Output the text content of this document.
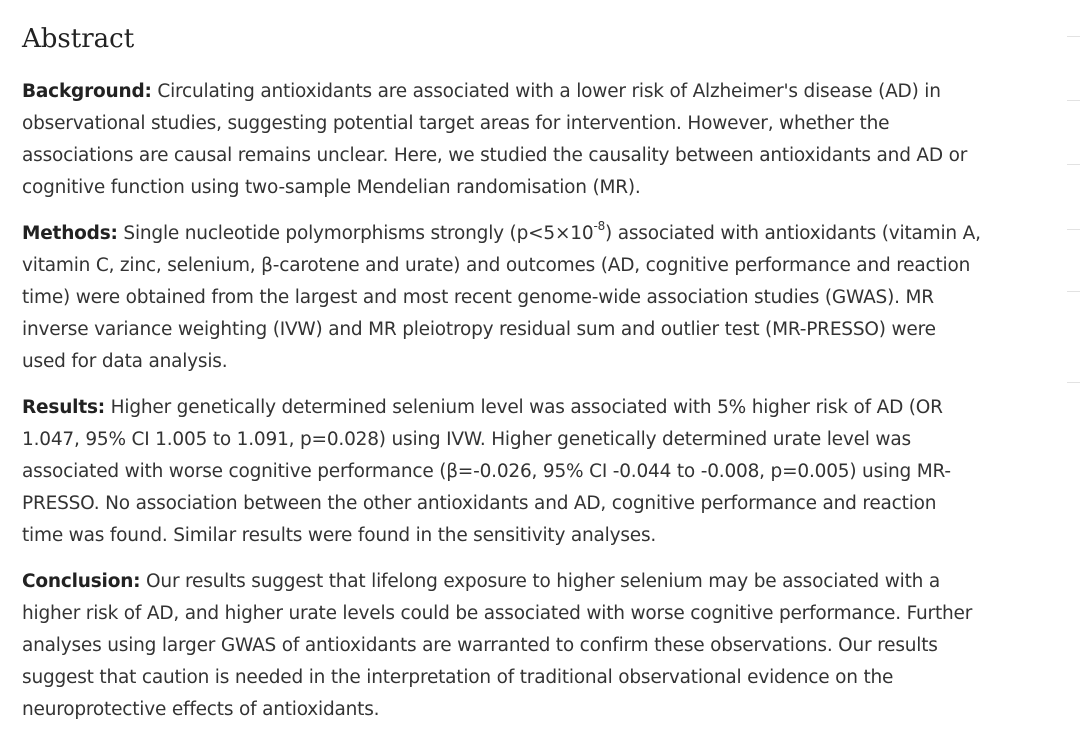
Abstract

Background: Circulating antioxidants are associated with a lower risk of Alzheimer's disease (AD) in observational studies, suggesting potential target areas for intervention. However, whether the associations are causal remains unclear. Here, we studied the causality between antioxidants and AD or cognitive function using two-sample Mendelian randomisation (MR).

Methods: Single nucleotide polymorphisms strongly $(p<5\times 10^{-8})$ associated with antioxidants (vitamin A, vitamin C, zinc, selenium, β-carotene and urate) and outcomes (AD, cognitive performance and reaction time) were obtained from the largest and most recent genome-wide association studies (GWAS). MR inverse variance weighting (IVW) and MR pleiotropy residual sum and outlier test (MR-PRESSO) were used for data analysis.

Results: Higher genetically determined selenium level was associated with 5% higher risk of AD (OR 1.047, 95% CI 1.005 to 1.091, p=0.028) using IVW. Higher genetically determined urate level was associated with worse cognitive performance (β=-0.026, 95% CI -0.044 to -0.008, p=0.005) using MR-PRESSO. No association between the other antioxidants and AD, cognitive performance and reaction time was found. Similar results were found in the sensitivity analyses.

Conclusion: Our results suggest that lifelong exposure to higher selenium may be associated with a higher risk of AD, and higher urate levels could be associated with worse cognitive performance. Further analyses using larger GWAS of antioxidants are warranted to confirm these observations. Our results suggest that caution is needed in the interpretation of traditional observational evidence on the neuroprotective effects of antioxidants.
